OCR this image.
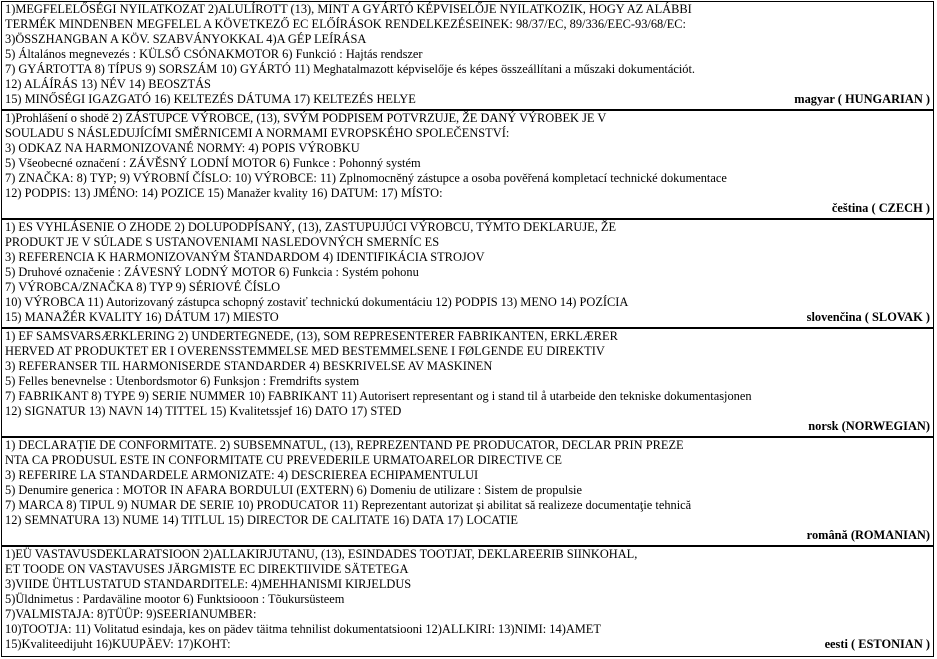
1)MEGFELELŐSÉGI NYILATKOZAT 2)ALULÍROTT (13), MINT A GYÁRTÓ KÉPVISELŐJE NYILATKOZIK, HOGY AZ ALÁBBI
TERMÉK MINDENBEN MEGFELEL A KÖVETKEZŐ EC ELŐÍRÁSOK RENDELKEZÉSEINEK: 98/37/EC, 89/336/EEC-93/68/EC:
3)ÖSSZHANGBAN A KÖV. SZABVÁNYOKKAL 4)A GÉP LEÍRÁSA
5) Általános megnevezés : KÜLSŐ CSÓNAKMOTOR 6) Funkció : Hajtás rendszer
7) GYÁRTOTTA 8) TÍPUS 9) SORSZÁM 10) GYÁRTÓ 11) Meghatalmazott képviselője és képes összeállítani a műszaki dokumentációt.
12) ALÁÍRÁS 13) NÉV 14) BEOSZTÁS
15) MINŐSÉGI IGAZGATÓ 16) KELTEZÉS DÁTUMA 17) KELTEZÉS HELYE	magyar ( HUNGARIAN )
1)Prohlášení o shodě 2) ZÁSTUPCE VÝROBCE, (13), SVÝM PODPISEM POTVRZUJE, ŽE DANÝ VÝROBEK JE V
SOULADU S NÁSLEDUJÍCÍMI SMĚRNICEMI A NORMAMI EVROPSKÉHO SPOLEČENSTVÍ:
3) ODKAZ NA HARMONIZOVANÉ NORMY: 4) POPIS VÝROBKU
5) Všeobecné označení : ZÁVĚSNÝ LODNÍ MOTOR 6) Funkce : Pohonný systém
7) ZNAČKA: 8) TYP; 9) VÝROBNÍ ČÍSLO: 10) VÝROBCE: 11) Zplnomocněný zástupce a osoba pověřená kompletací technické dokumentace
12) PODPIS: 13) JMÉNO: 14) POZICE 15) Manažer kvality 16) DATUM: 17) MÍSTO:
čeština ( CZECH )
1) ES VYHLÁSENIE O ZHODE 2) DOLUPODPÍSANÝ, (13), ZASTUPUJÚCI VÝROBCU, TÝMTO DEKLARUJE, ŽE
PRODUKT JE V SÚLADE S USTANOVENIAMI NASLEDOVNÝCH SMERNÍC ES
3) REFERENCIA K HARMONIZOVANÝM ŠTANDARDOM 4) IDENTIFIKÁCIA STROJOV
5) Druhové označenie : ZÁVESNÝ LODNÝ MOTOR 6) Funkcia : Systém pohonu
7) VÝROBCA/ZNAČKA 8) TYP 9) SÉRIOVÉ ČÍSLO
10) VÝROBCA 11) Autorizovaný zástupca schopný zostaviť technickú dokumentáciu 12) PODPIS 13) MENO 14) POZÍCIA
15) MANAŽÉR KVALITY 16) DÁTUM 17) MIESTO	slovenčina ( SLOVAK )
1) EF SAMSVARSÆRKLERING 2) UNDERTEGNEDE, (13), SOM REPRESENTERER FABRIKANTEN, ERKLÆRER
HERVED AT PRODUKTET ER I OVERENSSTEMMELSE MED BESTEMMELSENE I FØLGENDE EU DIREKTIV
3) REFERANSER TIL HARMONISERDE STANDARDER 4) BESKRIVELSE AV MASKINEN
5) Felles benevnelse : Utenbordsmotor 6) Funksjon : Fremdrifts system
7) FABRIKANT 8) TYPE 9) SERIE NUMMER 10) FABRIKANT 11) Autorisert representant og i stand til å utarbeide den tekniske dokumentasjonen
12) SIGNATUR 13) NAVN 14) TITTEL 15) Kvalitetssjef 16) DATO 17) STED
norsk (NORWEGIAN)
1) DECLARAȚIE DE CONFORMITATE. 2) SUBSEMNATUL, (13), REPREZENTAND PE PRODUCATOR, DECLAR PRIN PREZE
NTA CA PRODUSUL ESTE IN CONFORMITATE CU PREVEDERILE URMATOARELOR DIRECTIVE CE
3) REFERIRE LA STANDARDELE ARMONIZATE: 4) DESCRIEREA ECHIPAMENTULUI
5) Denumire generica : MOTOR IN AFARA BORDULUI (EXTERN) 6) Domeniu de utilizare : Sistem de propulsie
7) MARCA 8) TIPUL 9) NUMAR DE SERIE 10) PRODUCATOR 11) Reprezentant autorizat și abilitat să realizeze documentaţie tehnică
12) SEMNATURA 13) NUME 14) TITLUL 15) DIRECTOR DE CALITATE 16) DATA 17) LOCATIE
română (ROMANIAN)
1)EÜ VASTAVUSDEKLARATSIOON 2)ALLAKIRJUTANU, (13), ESINDADES TOOTJAT, DEKLAREERIB SIINKOHAL,
ET TOODE ON VASTAVUSES JÄRGMISTE EC DIREKTIIVIDE SÄTETEGA
3)VIIDE ÜHTLUSTATUD STANDARDITELE: 4)MEHHANISMI KIRJELDUS
5)Üldnimetus : Pardaväline mootor 6) Funktsiooon : Tõukursüsteem
7)VALMISTAJA: 8)TÜÜP: 9)SEERIANUMBER:
10)TOOTJA: 11) Volitatud esindaja, kes on pädev täitma tehnilist dokumentatsiooni 12)ALLKIRI: 13)NIMI: 14)AMET
15)Kvaliteedijuht 16)KUUPÄEV: 17)KOHT:	eesti ( ESTONIAN )
